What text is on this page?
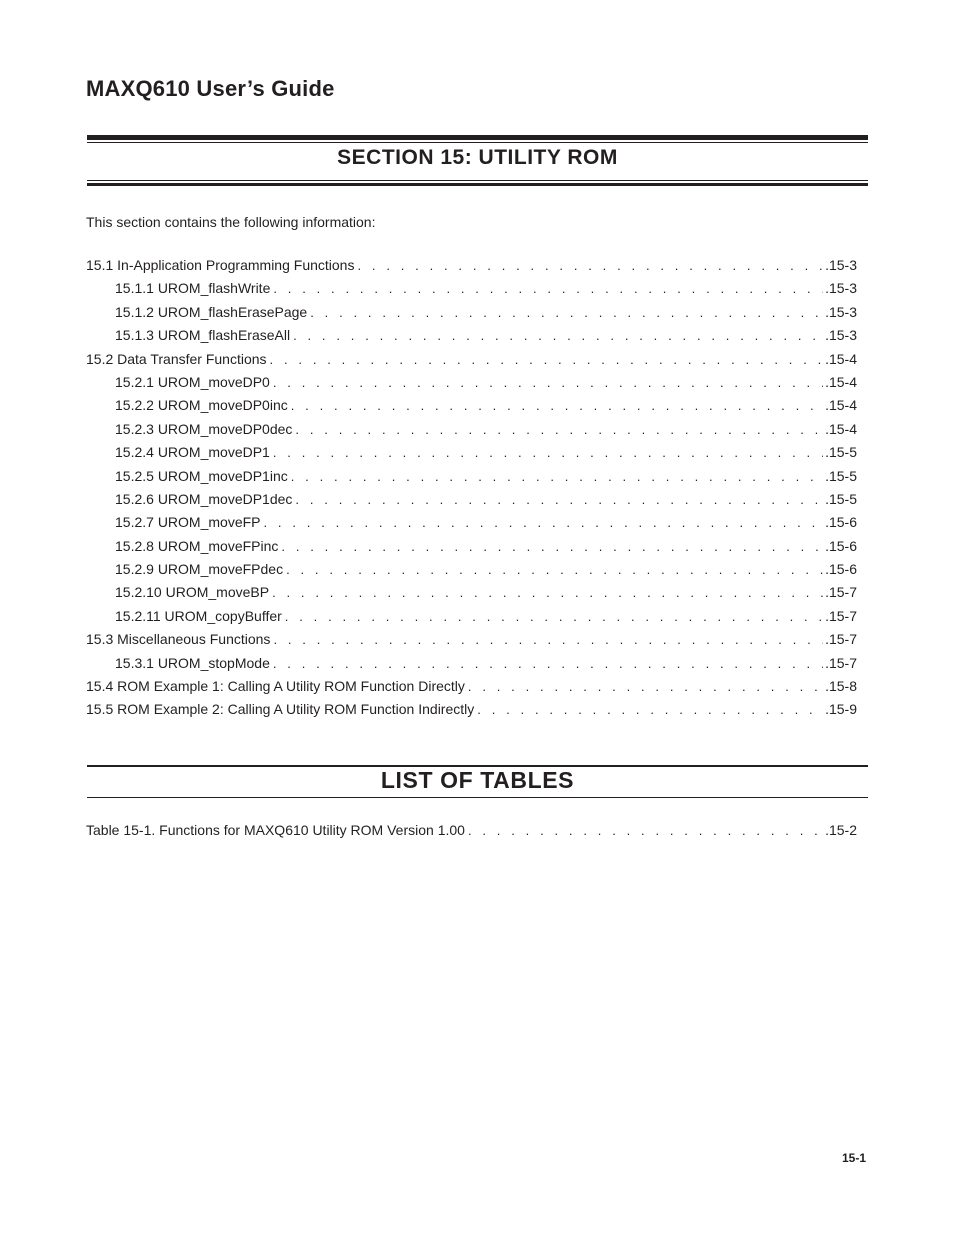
MAXQ610 User’s Guide
SECTION 15: UTILITY ROM
This section contains the following information:
15.1 In-Application Programming Functions . . .	.15-3
15.1.1 UROM_flashWrite . . .	.15-3
15.1.2 UROM_flashErasePage . . .	.15-3
15.1.3 UROM_flashEraseAll . . .	.15-3
15.2 Data Transfer Functions . . .	.15-4
15.2.1 UROM_moveDP0 . . .	.15-4
15.2.2 UROM_moveDP0inc . . .	.15-4
15.2.3 UROM_moveDP0dec . . .	.15-4
15.2.4 UROM_moveDP1 . . .	.15-5
15.2.5 UROM_moveDP1inc . . .	.15-5
15.2.6 UROM_moveDP1dec . . .	.15-5
15.2.7 UROM_moveFP . . .	.15-6
15.2.8 UROM_moveFPinc . . .	.15-6
15.2.9 UROM_moveFPdec . . .	.15-6
15.2.10 UROM_moveBP . . .	.15-7
15.2.11 UROM_copyBuffer . . .	.15-7
15.3 Miscellaneous Functions . . .	.15-7
15.3.1 UROM_stopMode . . .	.15-7
15.4 ROM Example 1: Calling A Utility ROM Function Directly . . .	.15-8
15.5 ROM Example 2: Calling A Utility ROM Function Indirectly . . .	.15-9
LIST OF TABLES
Table 15-1. Functions for MAXQ610 Utility ROM Version 1.00 . . .	.15-2
15-1
